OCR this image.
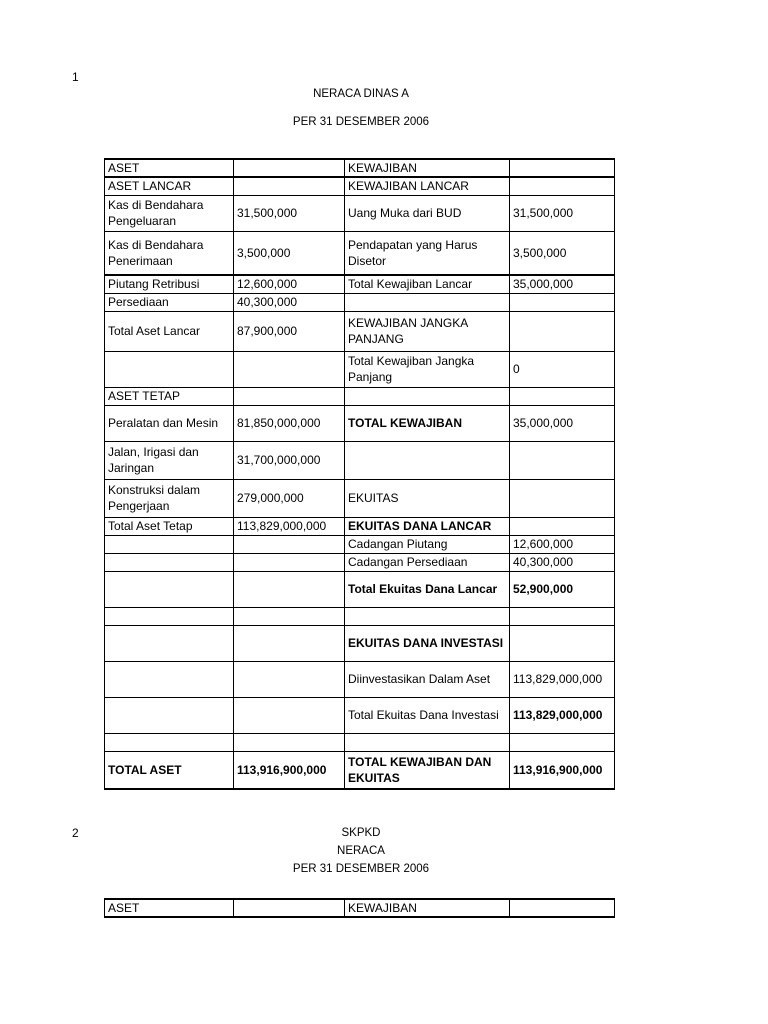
1
NERACA DINAS A
PER 31 DESEMBER 2006
ASET		KEWAJIBAN	
ASET LANCAR		KEWAJIBAN LANCAR	
Kas di Bendahara Pengeluaran	31,500,000	Uang Muka dari BUD	31,500,000
Kas di Bendahara Penerimaan	3,500,000	Pendapatan yang Harus Disetor	3,500,000
Piutang Retribusi	12,600,000	Total Kewajiban Lancar	35,000,000
Persediaan	40,300,000		
Total Aset Lancar	87,900,000	KEWAJIBAN JANGKA PANJANG	
		Total Kewajiban Jangka Panjang	0
ASET TETAP			
Peralatan dan Mesin	81,850,000,000	TOTAL KEWAJIBAN	35,000,000
Jalan, Irigasi dan Jaringan	31,700,000,000		
Konstruksi dalam Pengerjaan	279,000,000	EKUITAS	
Total Aset Tetap	113,829,000,000	EKUITAS DANA LANCAR	
		Cadangan Piutang	12,600,000
		Cadangan Persediaan	40,300,000
		Total Ekuitas Dana Lancar	52,900,000

		EKUITAS DANA INVESTASI	
		Diinvestasikan Dalam Aset	113,829,000,000
		Total Ekuitas Dana Investasi	113,829,000,000

TOTAL ASET	113,916,900,000	TOTAL KEWAJIBAN DAN EKUITAS	113,916,900,000
2	SKPKD
NERACA
PER 31 DESEMBER 2006
ASET		KEWAJIBAN	
